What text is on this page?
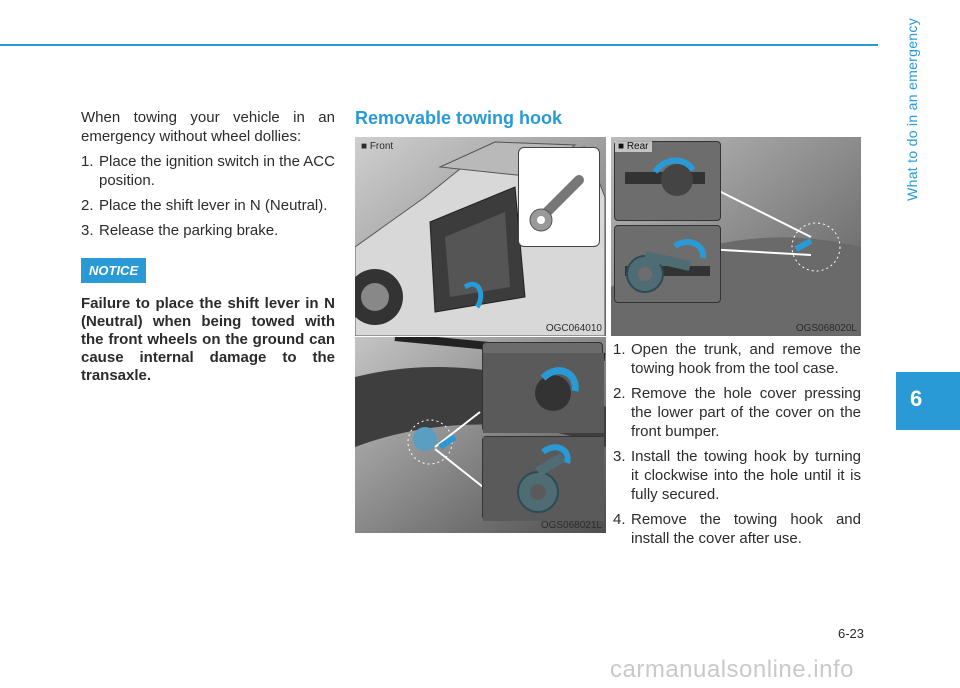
What to do in an emergency
6

When towing your vehicle in an emergency without wheel dollies:

1. Place the ignition switch in the ACC position.
2. Place the shift lever in N (Neutral).
3. Release the parking brake.
NOTICE

Failure to place the shift lever in N (Neutral) when being towed with the front wheels on the ground can cause internal damage to the transaxle.

Removable towing hook
■ Front
OGC064010
■ Rear
OGS068020L
OGS068021L
1. Open the trunk, and remove the towing hook from the tool case.
2. Remove the hole cover pressing the lower part of the cover on the front bumper.
3. Install the towing hook by turning it clockwise into the hole until it is fully secured.
4. Remove the towing hook and install the cover after use.
6-23
carmanualsonline.info
